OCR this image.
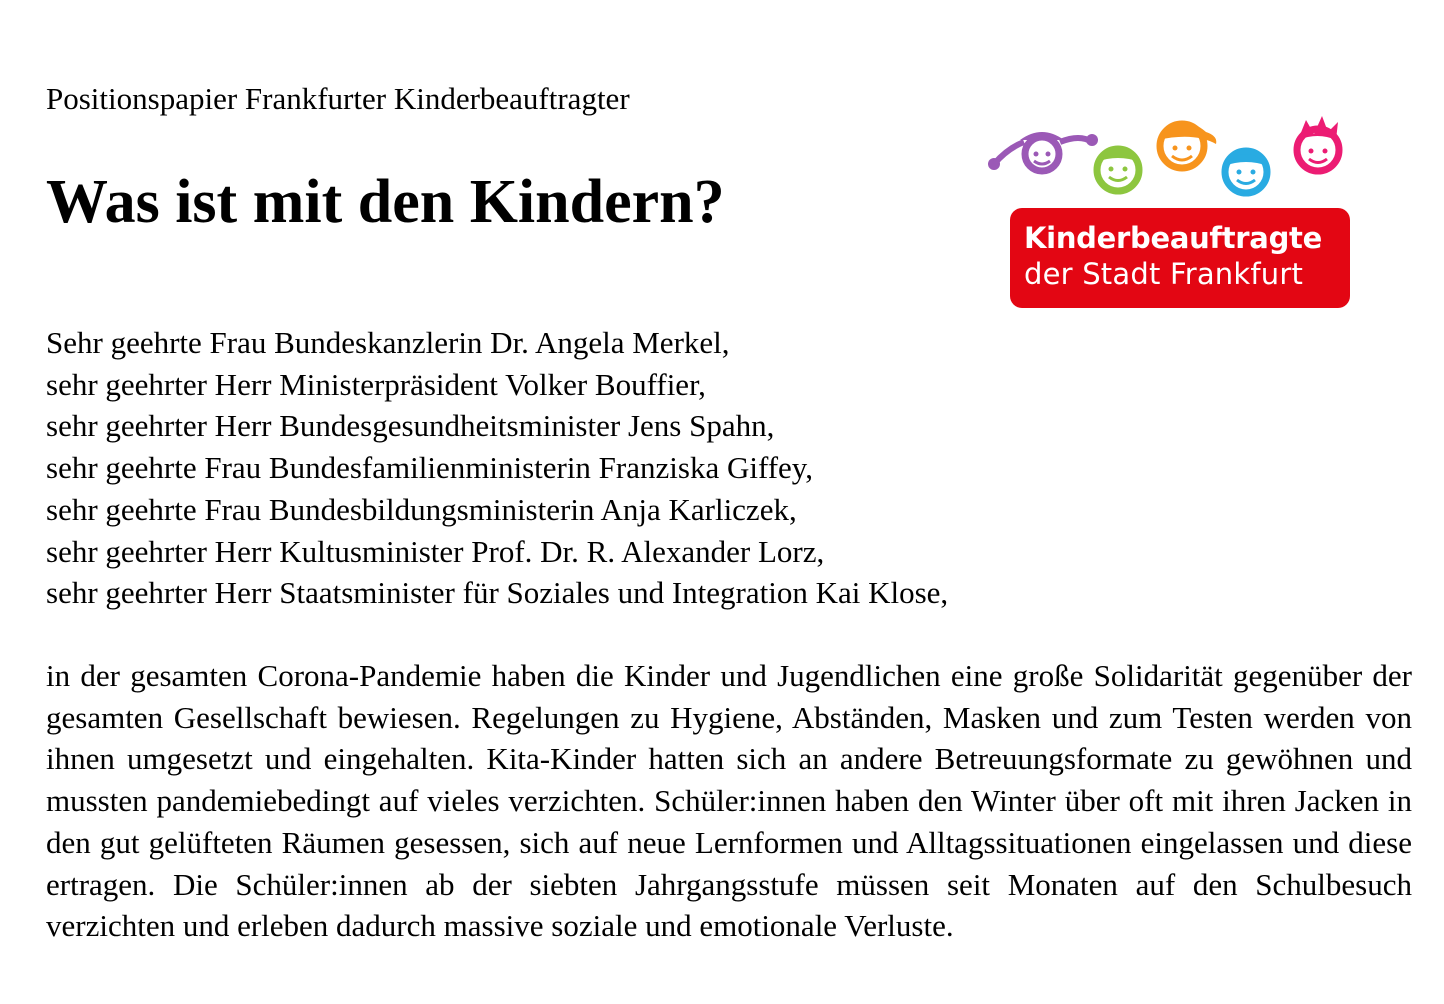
Positionspapier Frankfurter Kinderbeauftragter
Was ist mit den Kindern?
Kinderbeauftragte
der Stadt Frankfurt
Sehr geehrte Frau Bundeskanzlerin Dr. Angela Merkel,
sehr geehrter Herr Ministerpräsident Volker Bouffier,
sehr geehrter Herr Bundesgesundheitsminister Jens Spahn,
sehr geehrte Frau Bundesfamilienministerin Franziska Giffey,
sehr geehrte Frau Bundesbildungsministerin Anja Karliczek,
sehr geehrter Herr Kultusminister Prof. Dr. R. Alexander Lorz,
sehr geehrter Herr Staatsminister für Soziales und Integration Kai Klose,

in der gesamten Corona-Pandemie haben die Kinder und Jugendlichen eine große Solidarität gegenüber der gesamten Gesellschaft bewiesen. Regelungen zu Hygiene, Abständen, Masken und zum Testen werden von ihnen umgesetzt und eingehalten. Kita-Kinder hatten sich an andere Betreuungsformate zu gewöhnen und mussten pandemiebedingt auf vieles verzichten. Schüler:innen haben den Winter über oft mit ihren Jacken in den gut gelüfteten Räumen gesessen, sich auf neue Lernformen und Alltagssituationen eingelassen und diese ertragen. Die Schüler:innen ab der siebten Jahrgangsstufe müssen seit Monaten auf den Schulbesuch verzichten und erleben dadurch massive soziale und emotionale Verluste.
